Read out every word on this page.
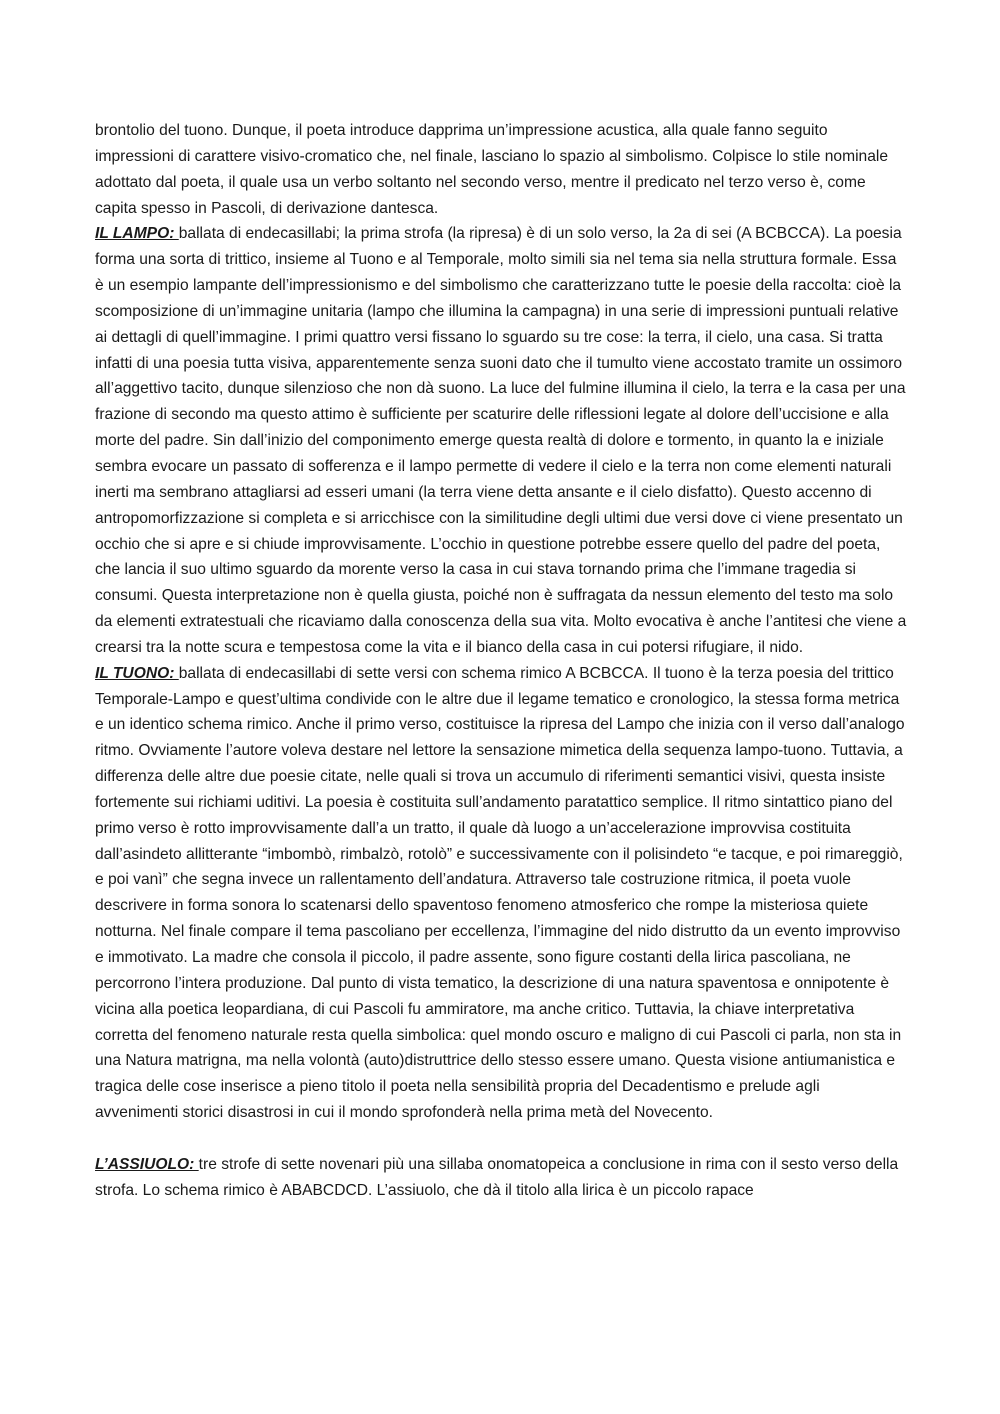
brontolio del tuono. Dunque, il poeta introduce dapprima un’impressione acustica, alla quale fanno seguito impressioni di carattere visivo-cromatico che, nel finale, lasciano lo spazio al simbolismo. Colpisce lo stile nominale adottato dal poeta, il quale usa un verbo soltanto nel secondo verso, mentre il predicato nel terzo verso è, come capita spesso in Pascoli, di derivazione dantesca.

IL LAMPO: ballata di endecasillabi; la prima strofa (la ripresa) è di un solo verso, la 2a di sei (A BCBCCA). La poesia forma una sorta di trittico, insieme al Tuono e al Temporale, molto simili sia nel tema sia nella struttura formale. Essa è un esempio lampante dell’impressionismo e del simbolismo che caratterizzano tutte le poesie della raccolta: cioè la scomposizione di un’immagine unitaria (lampo che illumina la campagna) in una serie di impressioni puntuali relative ai dettagli di quell’immagine. I primi quattro versi fissano lo sguardo su tre cose: la terra, il cielo, una casa. Si tratta infatti di una poesia tutta visiva, apparentemente senza suoni dato che il tumulto viene accostato tramite un ossimoro all’aggettivo tacito, dunque silenzioso che non dà suono. La luce del fulmine illumina il cielo, la terra e la casa per una frazione di secondo ma questo attimo è sufficiente per scaturire delle riflessioni legate al dolore dell’uccisione e alla morte del padre. Sin dall’inizio del componimento emerge questa realtà di dolore e tormento, in quanto la e iniziale sembra evocare un passato di sofferenza e il lampo permette di vedere il cielo e la terra non come elementi naturali inerti ma sembrano attagliarsi ad esseri umani (la terra viene detta ansante e il cielo disfatto). Questo accenno di antropomorfizzazione si completa e si arricchisce con la similitudine degli ultimi due versi dove ci viene presentato un occhio che si apre e si chiude improvvisamente. L’occhio in questione potrebbe essere quello del padre del poeta, che lancia il suo ultimo sguardo da morente verso la casa in cui stava tornando prima che l’immane tragedia si consumi. Questa interpretazione non è quella giusta, poiché non è suffragata da nessun elemento del testo ma solo da elementi extratestuali che ricaviamo dalla conoscenza della sua vita. Molto evocativa è anche l’antitesi che viene a crearsi tra la notte scura e tempestosa come la vita e il bianco della casa in cui potersi rifugiare, il nido.

IL TUONO: ballata di endecasillabi di sette versi con schema rimico A BCBCCA. Il tuono è la terza poesia del trittico Temporale-Lampo e quest’ultima condivide con le altre due il legame tematico e cronologico, la stessa forma metrica e un identico schema rimico. Anche il primo verso, costituisce la ripresa del Lampo che inizia con il verso dall’analogo ritmo. Ovviamente l’autore voleva destare nel lettore la sensazione mimetica della sequenza lampo-tuono. Tuttavia, a differenza delle altre due poesie citate, nelle quali si trova un accumulo di riferimenti semantici visivi, questa insiste fortemente sui richiami uditivi. La poesia è costituita sull’andamento paratattico semplice. Il ritmo sintattico piano del primo verso è rotto improvvisamente dall’a un tratto, il quale dà luogo a un’accelerazione improvvisa costituita dall’asindeto allitterante “imbombò, rimbalzò, rotolò” e successivamente con il polisindeto “e tacque, e poi rimareggiò, e poi vanì” che segna invece un rallentamento dell’andatura. Attraverso tale costruzione ritmica, il poeta vuole descrivere in forma sonora lo scatenarsi dello spaventoso fenomeno atmosferico che rompe la misteriosa quiete notturna. Nel finale compare il tema pascoliano per eccellenza, l’immagine del nido distrutto da un evento improvviso e immotivato. La madre che consola il piccolo, il padre assente, sono figure costanti della lirica pascoliana, ne percorrono l’intera produzione. Dal punto di vista tematico, la descrizione di una natura spaventosa e onnipotente è vicina alla poetica leopardiana, di cui Pascoli fu ammiratore, ma anche critico. Tuttavia, la chiave interpretativa corretta del fenomeno naturale resta quella simbolica: quel mondo oscuro e maligno di cui Pascoli ci parla, non sta in una Natura matrigna, ma nella volontà (auto)distruttrice dello stesso essere umano. Questa visione antiumanistica e tragica delle cose inserisce a pieno titolo il poeta nella sensibilità propria del Decadentismo e prelude agli avvenimenti storici disastrosi in cui il mondo sprofonderà nella prima metà del Novecento.

L’ASSIUOLO: tre strofe di sette novenari più una sillaba onomatopeica a conclusione in rima con il sesto verso della strofa. Lo schema rimico è ABABCDCD. L’assiuolo, che dà il titolo alla lirica è un piccolo rapace
